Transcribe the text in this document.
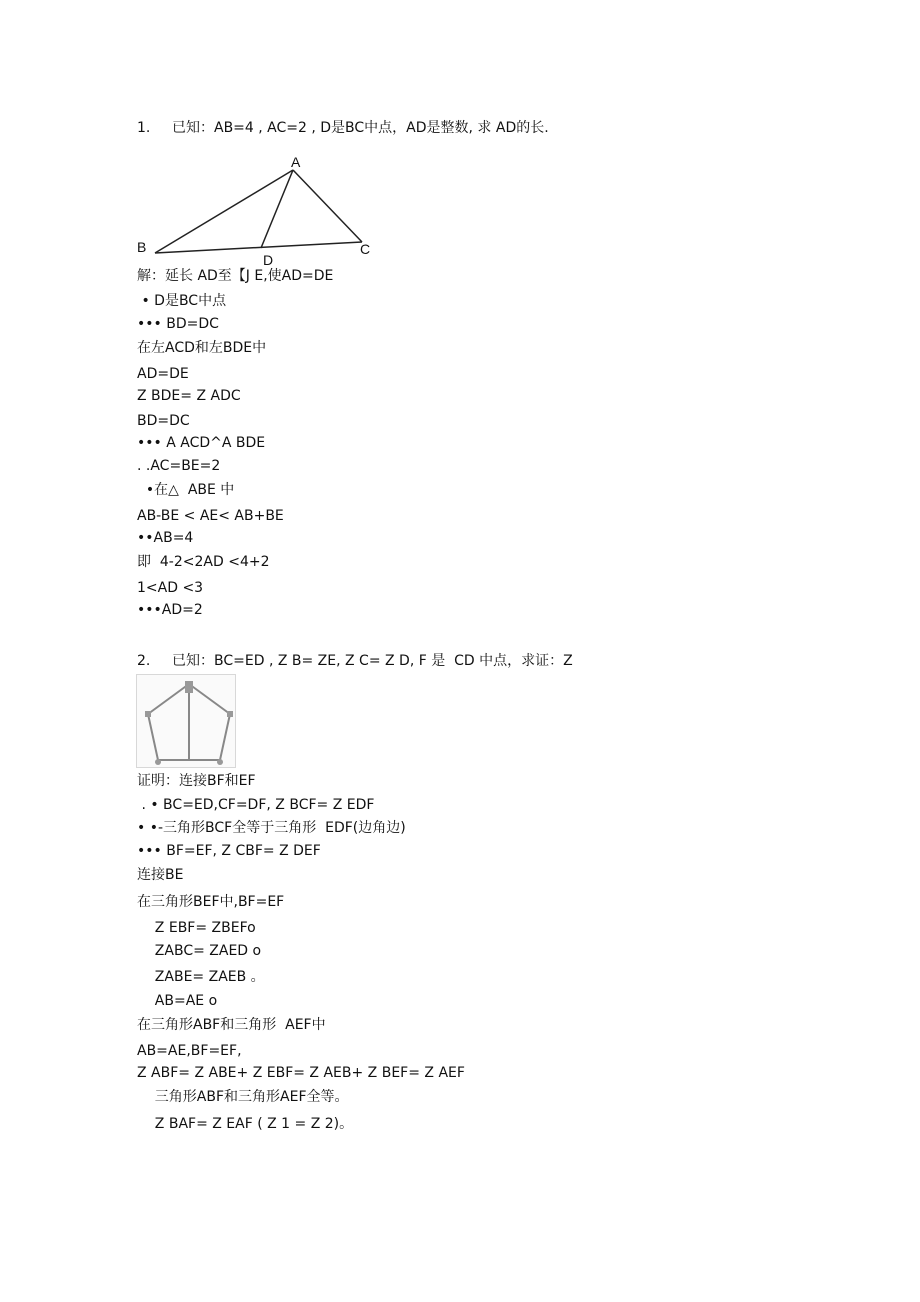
1. 已知：AB=4 , AC=2 , D是BC中点，AD是整数, 求 AD的长.
A
B	C
D
解：延长 AD至【J E,使AD=DE
• D是BC中点
••• BD=DC
在左ACD和左BDE中
AD=DE
Z BDE= Z ADC
BD=DC
••• A ACD^A BDE
. .AC=BE=2
•在△  ABE 中
AB-BE < AE< AB+BE
••AB=4
即  4-2<2AD <4+2
1<AD <3
•••AD=2
2. 已知：BC=ED , Z B= ZE, Z C= Z D, F 是  CD 中点，求证：Z
证明：连接BF和EF
. • BC=ED,CF=DF, Z BCF= Z EDF
• •-三角形BCF全等于三角形  EDF(边角边)
••• BF=EF, Z CBF= Z DEF
连接BE
在三角形BEF中,BF=EF
Z EBF= ZBEFo
ZABC= ZAED o
ZABE= ZAEB 。
AB=AE o
在三角形ABF和三角形  AEF中
AB=AE,BF=EF,
Z ABF= Z ABE+ Z EBF= Z AEB+ Z BEF= Z AEF
三角形ABF和三角形AEF全等。
Z BAF= Z EAF ( Z 1 = Z 2)。
